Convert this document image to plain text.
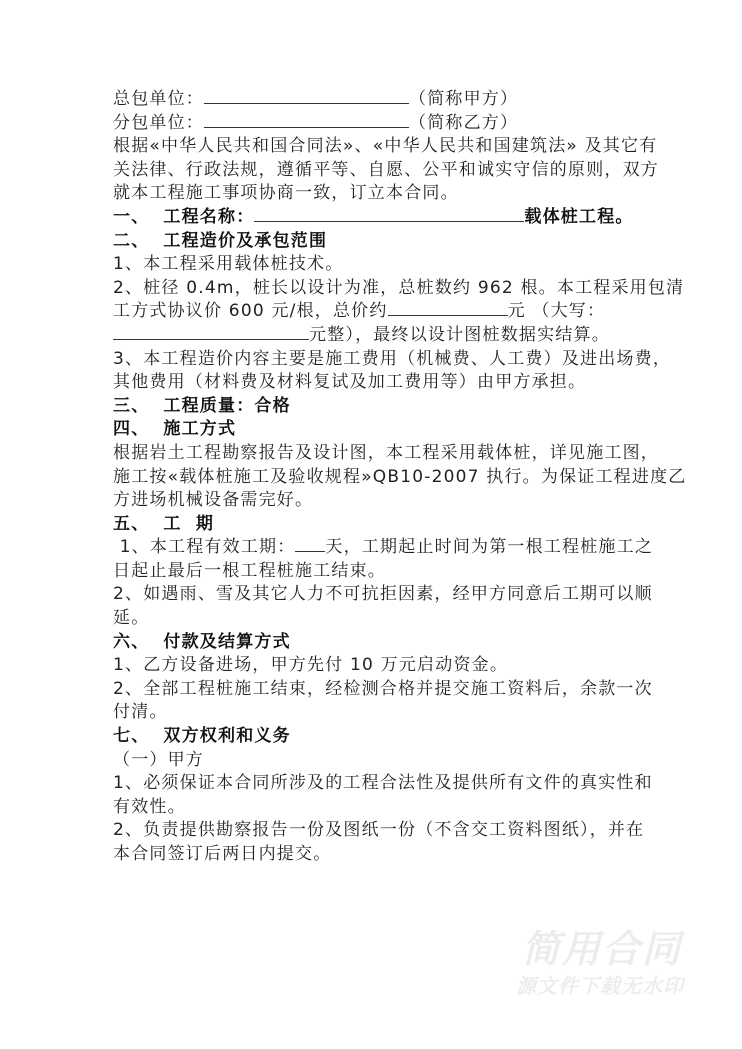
总包单位：	（简称甲方）
分包单位：	（简称乙方）
根据«中华人民共和国合同法»、«中华人民共和国建筑法» 及其它有
关法律、行政法规，遵循平等、自愿、公平和诚实守信的原则，双方
就本工程施工事项协商一致，订立本合同。
一、 工程名称：	载体桩工程。
二、 工程造价及承包范围
1、本工程采用载体桩技术。
2、桩径 0.4m，桩长以设计为准，总桩数约 962 根。本工程采用包清
工方式协议价 600 元/根，总价约	元 （大写：
元整），最终以设计图桩数据实结算。
3、本工程造价内容主要是施工费用（机械费、人工费）及进出场费，
其他费用（材料费及材料复试及加工费用等）由甲方承担。
三、 工程质量：合格
四、 施工方式
根据岩土工程勘察报告及设计图，本工程采用载体桩，详见施工图，
施工按«载体桩施工及验收规程»QB10-2007 执行。为保证工程进度乙
方进场机械设备需完好。
五、 工  期
1、本工程有效工期： 天，工期起止时间为第一根工程桩施工之
日起止最后一根工程桩施工结束。
2、如遇雨、雪及其它人力不可抗拒因素，经甲方同意后工期可以顺
延。
六、 付款及结算方式
1、乙方设备进场，甲方先付 10 万元启动资金。
2、全部工程桩施工结束，经检测合格并提交施工资料后，余款一次
付清。
七、 双方权利和义务
（一）甲方
1、必须保证本合同所涉及的工程合法性及提供所有文件的真实性和
有效性。
2、负责提供勘察报告一份及图纸一份（不含交工资料图纸），并在
本合同签订后两日内提交。
简用合同
源文件下载无水印
